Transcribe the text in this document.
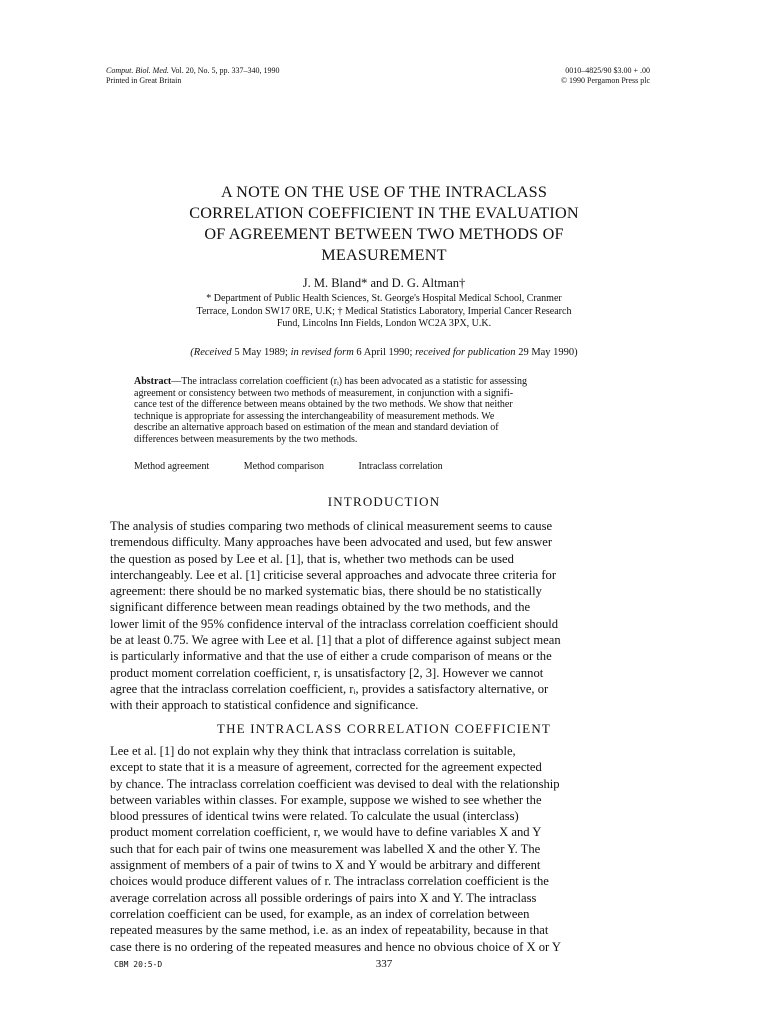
Comput. Biol. Med. Vol. 20, No. 5, pp. 337–340, 1990
Printed in Great Britain
0010–4825/90 $3.00 + .00
© 1990 Pergamon Press plc
A NOTE ON THE USE OF THE INTRACLASS
CORRELATION COEFFICIENT IN THE EVALUATION
OF AGREEMENT BETWEEN TWO METHODS OF
MEASUREMENT
J. M. Bland* and D. G. Altman†
* Department of Public Health Sciences, St. George's Hospital Medical School, Cranmer
Terrace, London SW17 0RE, U.K; † Medical Statistics Laboratory, Imperial Cancer Research
Fund, Lincolns Inn Fields, London WC2A 3PX, U.K.
(Received 5 May 1989; in revised form 6 April 1990; received for publication 29 May 1990)
Abstract—The intraclass correlation coefficient (rᵢ) has been advocated as a statistic for assessing
agreement or consistency between two methods of measurement, in conjunction with a signifi-
cance test of the difference between means obtained by the two methods. We show that neither
technique is appropriate for assessing the interchangeability of measurement methods. We
describe an alternative approach based on estimation of the mean and standard deviation of
differences between measurements by the two methods.
Method agreement	Method comparison	Intraclass correlation
INTRODUCTION
The analysis of studies comparing two methods of clinical measurement seems to cause
tremendous difficulty. Many approaches have been advocated and used, but few answer
the question as posed by Lee et al. [1], that is, whether two methods can be used
interchangeably. Lee et al. [1] criticise several approaches and advocate three criteria for
agreement: there should be no marked systematic bias, there should be no statistically
significant difference between mean readings obtained by the two methods, and the
lower limit of the 95% confidence interval of the intraclass correlation coefficient should
be at least 0.75. We agree with Lee et al. [1] that a plot of difference against subject mean
is particularly informative and that the use of either a crude comparison of means or the
product moment correlation coefficient, r, is unsatisfactory [2, 3]. However we cannot
agree that the intraclass correlation coefficient, rᵢ, provides a satisfactory alternative, or
with their approach to statistical confidence and significance.
THE INTRACLASS CORRELATION COEFFICIENT
Lee et al. [1] do not explain why they think that intraclass correlation is suitable,
except to state that it is a measure of agreement, corrected for the agreement expected
by chance. The intraclass correlation coefficient was devised to deal with the relationship
between variables within classes. For example, suppose we wished to see whether the
blood pressures of identical twins were related. To calculate the usual (interclass)
product moment correlation coefficient, r, we would have to define variables X and Y
such that for each pair of twins one measurement was labelled X and the other Y. The
assignment of members of a pair of twins to X and Y would be arbitrary and different
choices would produce different values of r. The intraclass correlation coefficient is the
average correlation across all possible orderings of pairs into X and Y. The intraclass
correlation coefficient can be used, for example, as an index of correlation between
repeated measures by the same method, i.e. as an index of repeatability, because in that
case there is no ordering of the repeated measures and hence no obvious choice of X or Y
CBM 20:5-D	337
